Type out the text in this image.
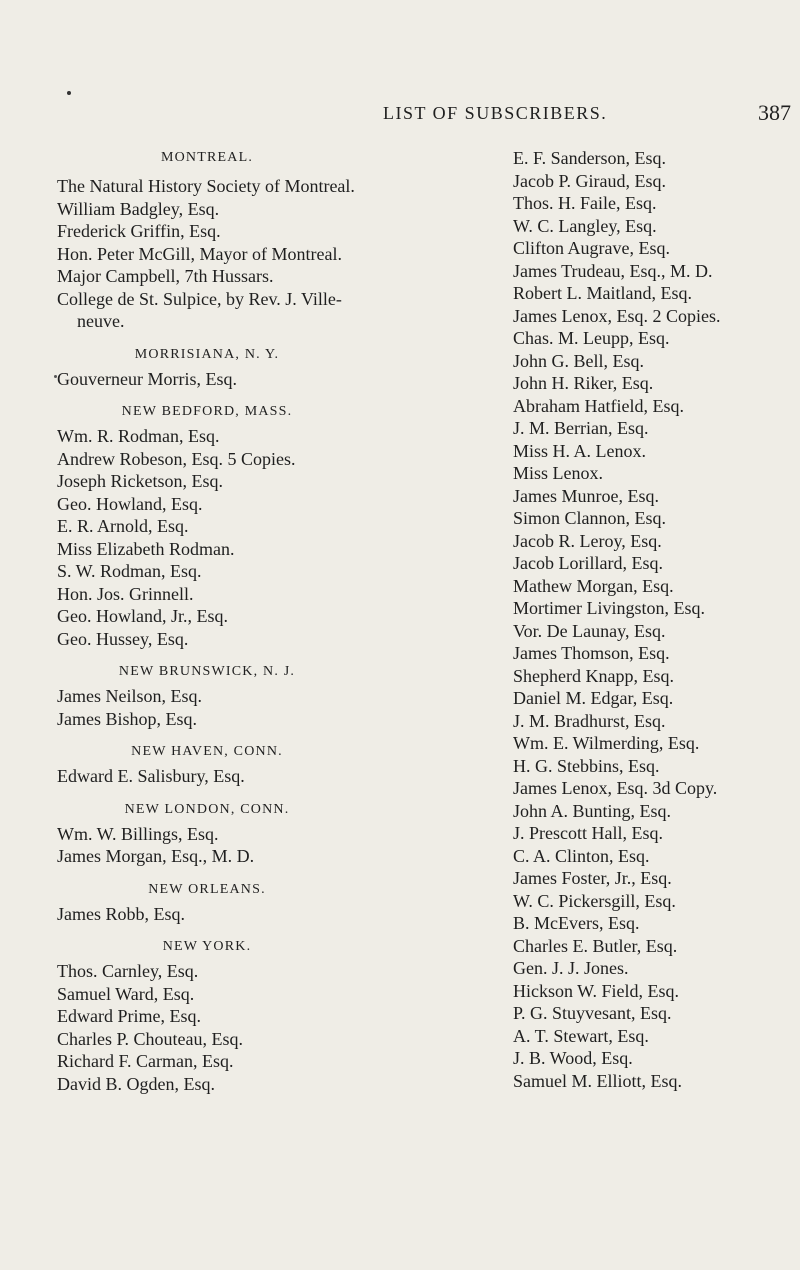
LIST OF SUBSCRIBERS.	387
MONTREAL.
The Natural History Society of Montreal.
William Badgley, Esq.
Frederick Griffin, Esq.
Hon. Peter McGill, Mayor of Montreal.
Major Campbell, 7th Hussars.
College de St. Sulpice, by Rev. J. Ville-
neuve.
MORRISIANA, N. Y.
Gouverneur Morris, Esq.
NEW BEDFORD, MASS.
Wm. R. Rodman, Esq.
Andrew Robeson, Esq. 5 Copies.
Joseph Ricketson, Esq.
Geo. Howland, Esq.
E. R. Arnold, Esq.
Miss Elizabeth Rodman.
S. W. Rodman, Esq.
Hon. Jos. Grinnell.
Geo. Howland, Jr., Esq.
Geo. Hussey, Esq.
NEW BRUNSWICK, N. J.
James Neilson, Esq.
James Bishop, Esq.
NEW HAVEN, CONN.
Edward E. Salisbury, Esq.
NEW LONDON, CONN.
Wm. W. Billings, Esq.
James Morgan, Esq., M. D.
NEW ORLEANS.
James Robb, Esq.
NEW YORK.
Thos. Carnley, Esq.
Samuel Ward, Esq.
Edward Prime, Esq.
Charles P. Chouteau, Esq.
Richard F. Carman, Esq.
David B. Ogden, Esq.
E. F. Sanderson, Esq.
Jacob P. Giraud, Esq.
Thos. H. Faile, Esq.
W. C. Langley, Esq.
Clifton Augrave, Esq.
James Trudeau, Esq., M. D.
Robert L. Maitland, Esq.
James Lenox, Esq. 2 Copies.
Chas. M. Leupp, Esq.
John G. Bell, Esq.
John H. Riker, Esq.
Abraham Hatfield, Esq.
J. M. Berrian, Esq.
Miss H. A. Lenox.
Miss Lenox.
James Munroe, Esq.
Simon Clannon, Esq.
Jacob R. Leroy, Esq.
Jacob Lorillard, Esq.
Mathew Morgan, Esq.
Mortimer Livingston, Esq.
Vor. De Launay, Esq.
James Thomson, Esq.
Shepherd Knapp, Esq.
Daniel M. Edgar, Esq.
J. M. Bradhurst, Esq.
Wm. E. Wilmerding, Esq.
H. G. Stebbins, Esq.
James Lenox, Esq. 3d Copy.
John A. Bunting, Esq.
J. Prescott Hall, Esq.
C. A. Clinton, Esq.
James Foster, Jr., Esq.
W. C. Pickersgill, Esq.
B. McEvers, Esq.
Charles E. Butler, Esq.
Gen. J. J. Jones.
Hickson W. Field, Esq.
P. G. Stuyvesant, Esq.
A. T. Stewart, Esq.
J. B. Wood, Esq.
Samuel M. Elliott, Esq.
